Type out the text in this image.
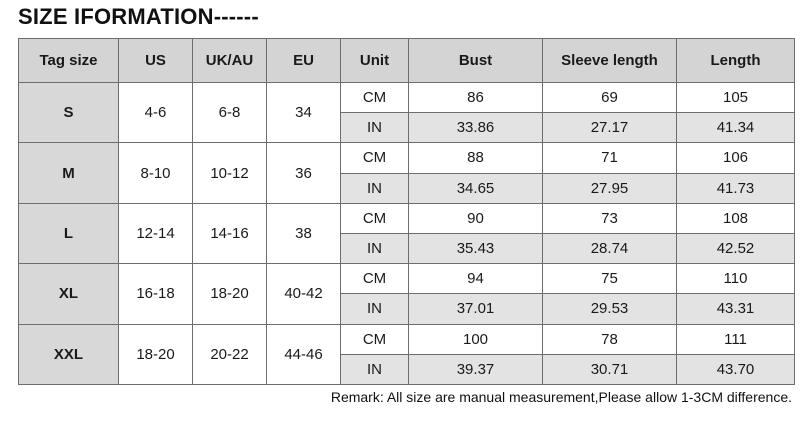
SIZE IFORMATION------
Tag size	US	UK/AU	EU	Unit	Bust	Sleeve length	Length
S	4-6	6-8	34	CM	86	69	105
				IN	33.86	27.17	41.34
M	8-10	10-12	36	CM	88	71	106
				IN	34.65	27.95	41.73
L	12-14	14-16	38	CM	90	73	108
				IN	35.43	28.74	42.52
XL	16-18	18-20	40-42	CM	94	75	110
				IN	37.01	29.53	43.31
XXL	18-20	20-22	44-46	CM	100	78	111
				IN	39.37	30.71	43.70
Remark: All size are manual measurement,Please allow 1-3CM difference.
